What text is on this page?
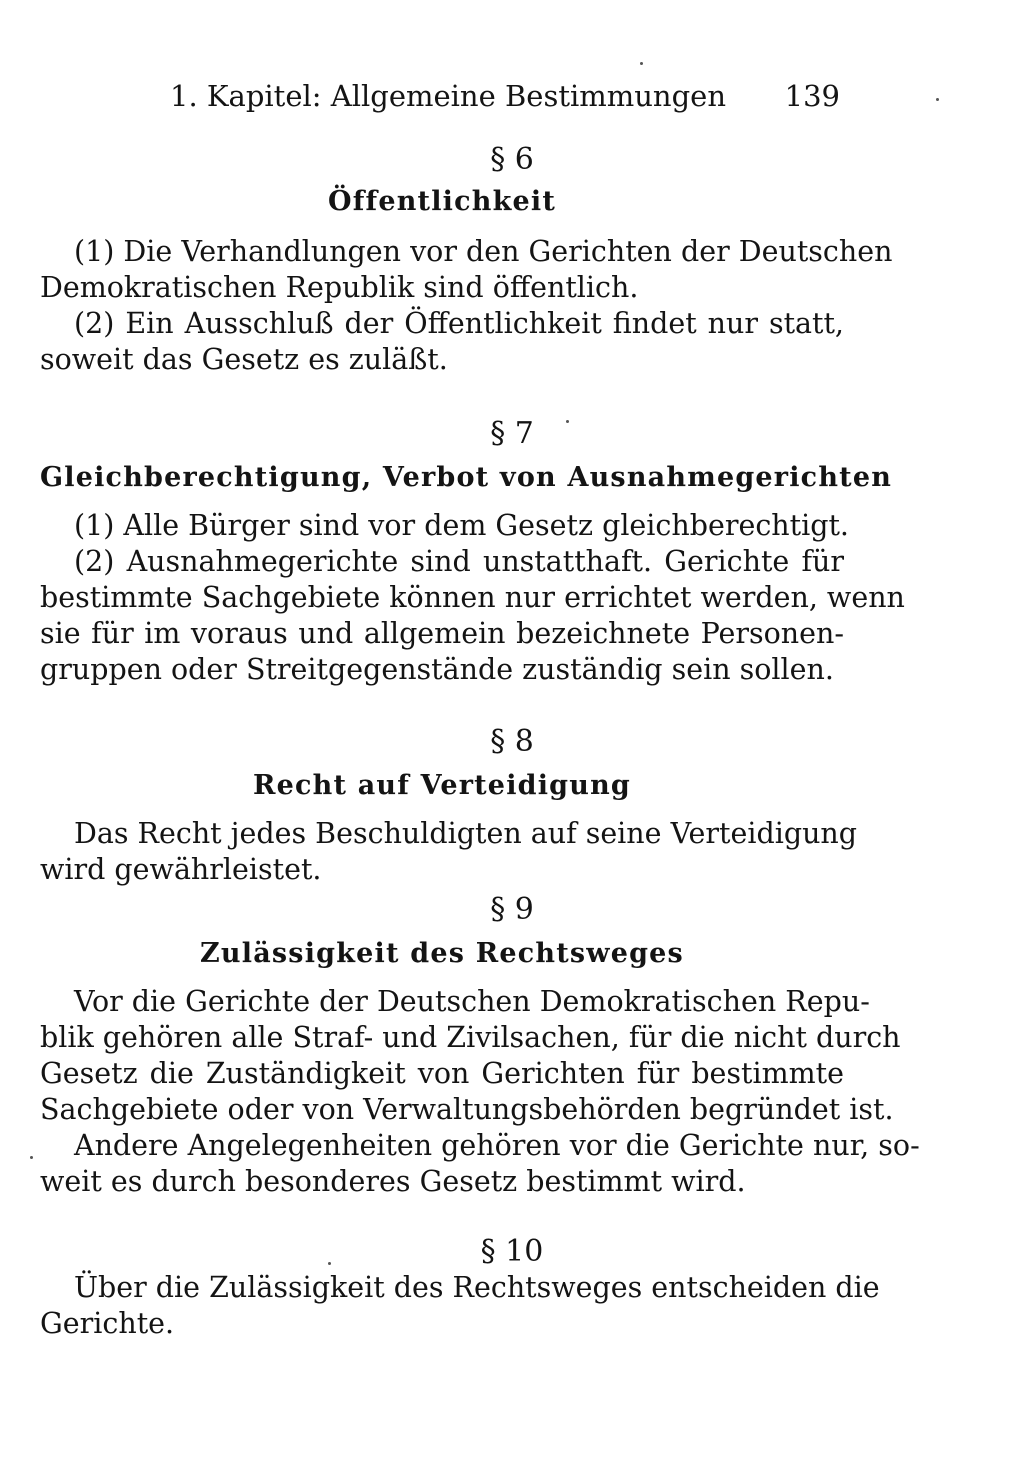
1. Kapitel: Allgemeine Bestimmungen 139
§ 6
Öffentlichkeit
(1) Die Verhandlungen vor den Gerichten der Deutschen
Demokratischen Republik sind öffentlich.
(2) Ein Ausschluß der Öffentlichkeit findet nur statt,
soweit das Gesetz es zuläßt.
§ 7
Gleichberechtigung, Verbot von Ausnahmegerichten
(1) Alle Bürger sind vor dem Gesetz gleichberechtigt.
(2) Ausnahmegerichte sind unstatthaft. Gerichte für
bestimmte Sachgebiete können nur errichtet werden, wenn
sie für im voraus und allgemein bezeichnete Personen-
gruppen oder Streitgegenstände zuständig sein sollen.
§ 8
Recht auf Verteidigung
Das Recht jedes Beschuldigten auf seine Verteidigung
wird gewährleistet.
§ 9
Zulässigkeit des Rechtsweges
Vor die Gerichte der Deutschen Demokratischen Repu-
blik gehören alle Straf- und Zivilsachen, für die nicht durch
Gesetz die Zuständigkeit von Gerichten für bestimmte
Sachgebiete oder von Verwaltungsbehörden begründet ist.
Andere Angelegenheiten gehören vor die Gerichte nur, so-
weit es durch besonderes Gesetz bestimmt wird.
§ 10
Über die Zulässigkeit des Rechtsweges entscheiden die
Gerichte.
